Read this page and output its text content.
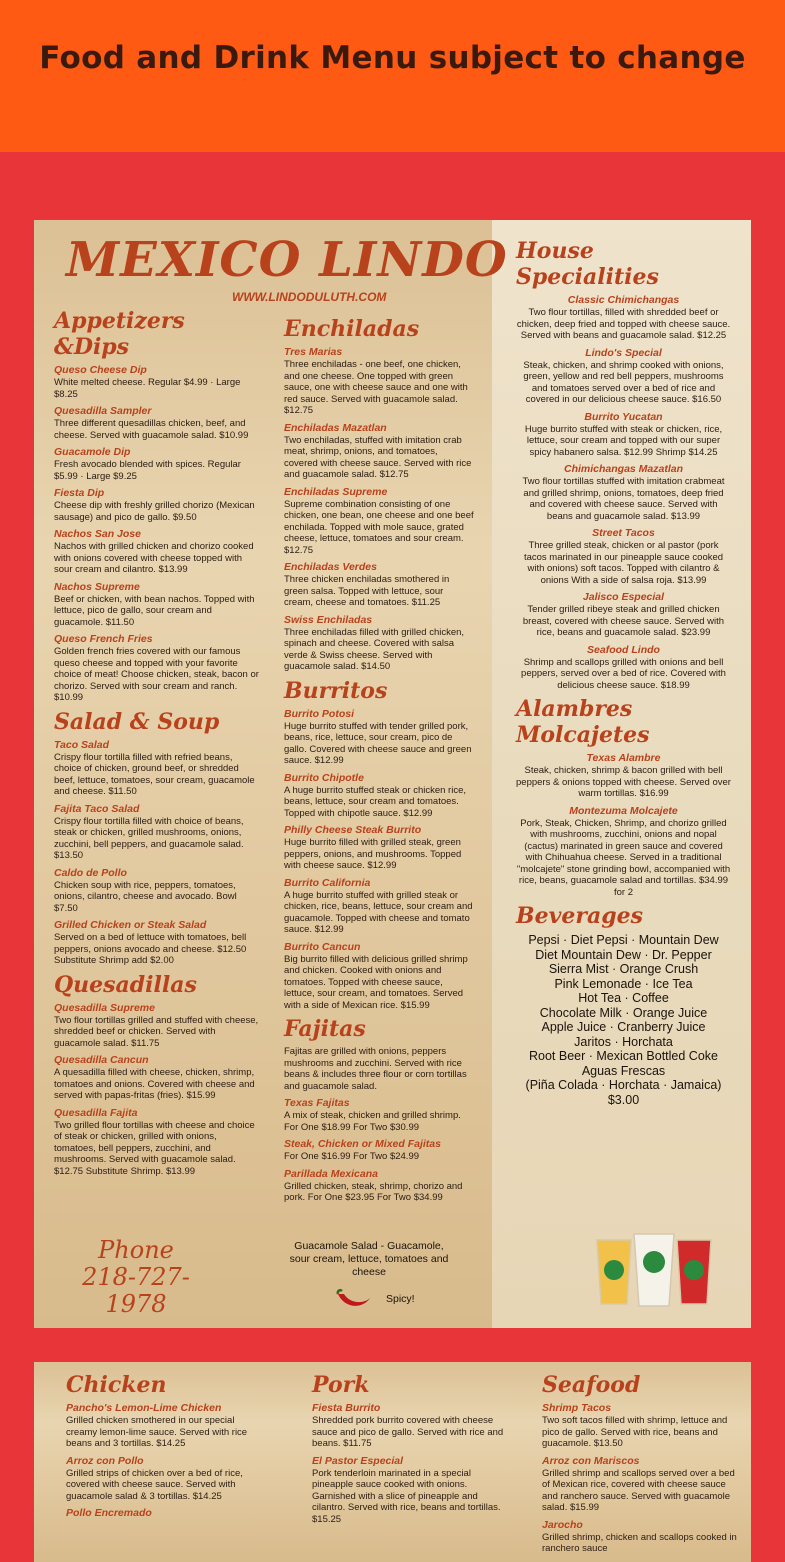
Food and Drink Menu subject to change
MEXICO LINDO
WWW.LINDODULUTH.COM
Appetizers &Dips
Queso Cheese Dip
White melted cheese. Regular $4.99 · Large $8.25
Quesadilla Sampler
Three different quesadillas chicken, beef, and cheese. Served with guacamole salad. $10.99
Guacamole Dip
Fresh avocado blended with spices. Regular $5.99 · Large $9.25
Fiesta Dip
Cheese dip with freshly grilled chorizo (Mexican sausage) and pico de gallo. $9.50
Nachos San Jose
Nachos with grilled chicken and chorizo cooked with onions covered with cheese topped with sour cream and cilantro. $13.99
Nachos Supreme
Beef or chicken, with bean nachos. Topped with lettuce, pico de gallo, sour cream and guacamole. $11.50
Queso French Fries
Golden french fries covered with our famous queso cheese and topped with your favorite choice of meat! Choose chicken, steak, bacon or chorizo. Served with sour cream and ranch. $10.99
Salad & Soup
Taco Salad
Crispy flour tortilla filled with refried beans, choice of chicken, ground beef, or shredded beef, lettuce, tomatoes, sour cream, guacamole and cheese. $11.50
Fajita Taco Salad
Crispy flour tortilla filled with choice of beans, steak or chicken, grilled mushrooms, onions, zucchini, bell peppers, and guacamole salad. $13.50
Caldo de Pollo
Chicken soup with rice, peppers, tomatoes, onions, cilantro, cheese and avocado. Bowl $7.50
Grilled Chicken or Steak Salad
Served on a bed of lettuce with tomatoes, bell peppers, onions avocado and cheese. $12.50 Substitute Shrimp add $2.00
Quesadillas
Quesadilla Supreme
Two flour tortillas grilled and stuffed with cheese, shredded beef or chicken. Served with guacamole salad. $11.75
Quesadilla Cancun
A quesadilla filled with cheese, chicken, shrimp, tomatoes and onions. Covered with cheese and served with papas-fritas (fries). $15.99
Quesadilla Fajita
Two grilled flour tortillas with cheese and choice of steak or chicken, grilled with onions, tomatoes, bell peppers, zucchini, and mushrooms. Served with guacamole salad. $12.75 Substitute Shrimp. $13.99
Enchiladas
Tres Marias
Three enchiladas - one beef, one chicken, and one cheese. One topped with green sauce, one with cheese sauce and one with red sauce. Served with guacamole salad. $12.75
Enchiladas Mazatlan
Two enchiladas, stuffed with imitation crab meat, shrimp, onions, and tomatoes, covered with cheese sauce. Served with rice and guacamole salad. $12.75
Enchiladas Supreme
Supreme combination consisting of one chicken, one bean, one cheese and one beef enchilada. Topped with mole sauce, grated cheese, lettuce, tomatoes and sour cream. $12.75
Enchiladas Verdes
Three chicken enchiladas smothered in green salsa. Topped with lettuce, sour cream, cheese and tomatoes. $11.25
Swiss Enchiladas
Three enchiladas filled with grilled chicken, spinach and cheese. Covered with salsa verde & Swiss cheese. Served with guacamole salad. $14.50
Burritos
Burrito Potosi
Huge burrito stuffed with tender grilled pork, beans, rice, lettuce, sour cream, pico de gallo. Covered with cheese sauce and green sauce. $12.99
Burrito Chipotle
A huge burrito stuffed steak or chicken rice, beans, lettuce, sour cream and tomatoes. Topped with chipotle sauce. $12.99
Philly Cheese Steak Burrito
Huge burrito filled with grilled steak, green peppers, onions, and mushrooms. Topped with cheese sauce. $12.99
Burrito California
A huge burrito stuffed with grilled steak or chicken, rice, beans, lettuce, sour cream and guacamole. Topped with cheese and tomato sauce. $12.99
Burrito Cancun
Big burrito filled with delicious grilled shrimp and chicken. Cooked with onions and tomatoes. Topped with cheese sauce, lettuce, sour cream, and tomatoes. Served with a side of Mexican rice. $15.99
Fajitas
Fajitas are grilled with onions, peppers mushrooms and zucchini. Served with rice beans & includes three flour or corn tortillas and guacamole salad.
Texas Fajitas
A mix of steak, chicken and grilled shrimp. For One $18.99 For Two $30.99
Steak, Chicken or Mixed Fajitas
For One $16.99 For Two $24.99
Parillada Mexicana
Grilled chicken, steak, shrimp, chorizo and pork. For One $23.95 For Two $34.99
House Specialities
Classic Chimichangas
Two flour tortillas, filled with shredded beef or chicken, deep fried and topped with cheese sauce. Served with beans and guacamole salad. $12.25
Lindo's Special
Steak, chicken, and shrimp cooked with onions, green, yellow and red bell peppers, mushrooms and tomatoes served over a bed of rice and covered in our delicious cheese sauce. $16.50
Burrito Yucatan
Huge burrito stuffed with steak or chicken, rice, lettuce, sour cream and topped with our super spicy habanero salsa. $12.99 Shrimp $14.25
Chimichangas Mazatlan
Two flour tortillas stuffed with imitation crabmeat and grilled shrimp, onions, tomatoes, deep fried and covered with cheese sauce. Served with beans and guacamole salad. $13.99
Street Tacos
Three grilled steak, chicken or al pastor (pork tacos marinated in our pineapple sauce cooked with onions) soft tacos. Topped with cilantro & onions With a side of salsa roja. $13.99
Jalisco Especial
Tender grilled ribeye steak and grilled chicken breast, covered with cheese sauce. Served with rice, beans and guacamole salad. $23.99
Seafood Lindo
Shrimp and scallops grilled with onions and bell peppers, served over a bed of rice. Covered with delicious cheese sauce. $18.99
Alambres Molcajetes
Texas Alambre
Steak, chicken, shrimp & bacon grilled with bell peppers & onions topped with cheese. Served over warm tortillas. $16.99
Montezuma Molcajete
Pork, Steak, Chicken, Shrimp, and chorizo grilled with mushrooms, zucchini, onions and nopal (cactus) marinated in green sauce and covered with Chihuahua cheese. Served in a traditional "molcajete" stone grinding bowl, accompanied with rice, beans, guacamole salad and tortillas. $34.99 for 2
Beverages
Pepsi · Diet Pepsi · Mountain Dew
Diet Mountain Dew · Dr. Pepper
Sierra Mist · Orange Crush
Pink Lemonade · Ice Tea
Hot Tea · Coffee
Chocolate Milk · Orange Juice
Apple Juice · Cranberry Juice
Jaritos · Horchata
Root Beer · Mexican Bottled Coke
Aguas Frescas
(Piña Colada · Horchata · Jamaica)
$3.00
Phone
218-727-1978
Guacamole Salad - Guacamole, sour cream, lettuce, tomatoes and cheese
Spicy!
Chicken
Pancho's Lemon-Lime Chicken
Grilled chicken smothered in our special creamy lemon-lime sauce. Served with rice beans and 3 tortillas. $14.25
Arroz con Pollo
Grilled strips of chicken over a bed of rice, covered with cheese sauce. Served with guacamole salad & 3 tortillas. $14.25
Pollo Encremado
Pork
Fiesta Burrito
Shredded pork burrito covered with cheese sauce and pico de gallo. Served with rice and beans. $11.75
El Pastor Especial
Pork tenderloin marinated in a special pineapple sauce cooked with onions. Garnished with a slice of pineapple and cilantro. Served with rice, beans and tortillas. $15.25
Seafood
Shrimp Tacos
Two soft tacos filled with shrimp, lettuce and pico de gallo. Served with rice, beans and guacamole. $13.50
Arroz con Mariscos
Grilled shrimp and scallops served over a bed of Mexican rice, covered with cheese sauce and ranchero sauce. Served with guacamole salad. $15.99
Jarocho
Grilled shrimp, chicken and scallops cooked in ranchero sauce
